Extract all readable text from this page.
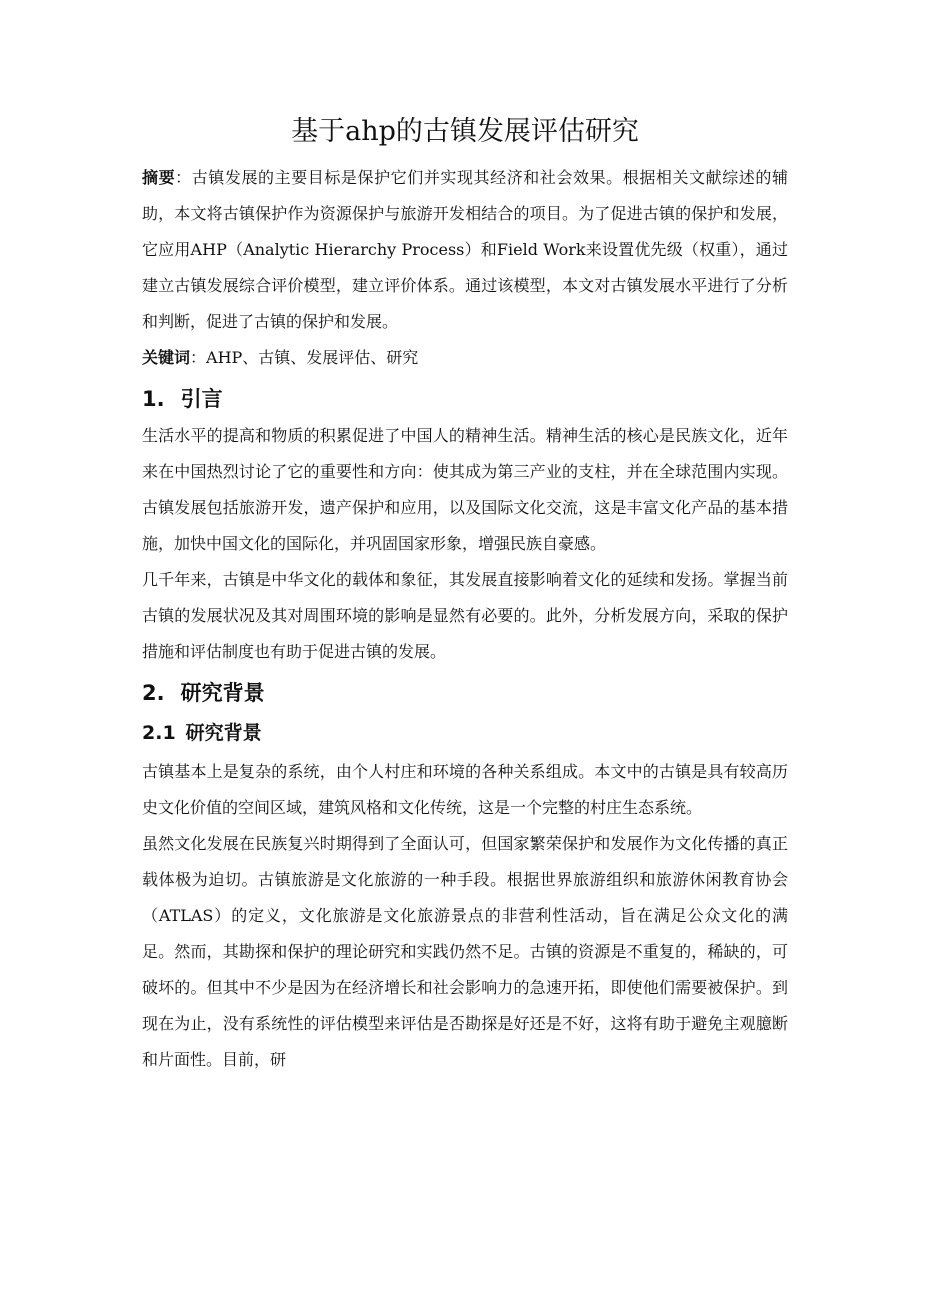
基于ahp的古镇发展评估研究

摘要：古镇发展的主要目标是保护它们并实现其经济和社会效果。根据相关文献综述的辅助，本文将古镇保护作为资源保护与旅游开发相结合的项目。为了促进古镇的保护和发展，它应用AHP（Analytic Hierarchy Process）和Field Work来设置优先级（权重），通过建立古镇发展综合评价模型，建立评价体系。通过该模型，本文对古镇发展水平进行了分析和判断，促进了古镇的保护和发展。

关键词：AHP、古镇、发展评估、研究

1. 引言

生活水平的提高和物质的积累促进了中国人的精神生活。精神生活的核心是民族文化，近年来在中国热烈讨论了它的重要性和方向：使其成为第三产业的支柱，并在全球范围内实现。古镇发展包括旅游开发，遗产保护和应用，以及国际文化交流，这是丰富文化产品的基本措施，加快中国文化的国际化，并巩固国家形象，增强民族自豪感。

几千年来，古镇是中华文化的载体和象征，其发展直接影响着文化的延续和发扬。掌握当前古镇的发展状况及其对周围环境的影响是显然有必要的。此外，分析发展方向，采取的保护措施和评估制度也有助于促进古镇的发展。

2. 研究背景
2.1 研究背景

古镇基本上是复杂的系统，由个人村庄和环境的各种关系组成。本文中的古镇是具有较高历史文化价值的空间区域，建筑风格和文化传统，这是一个完整的村庄生态系统。

虽然文化发展在民族复兴时期得到了全面认可，但国家繁荣保护和发展作为文化传播的真正载体极为迫切。古镇旅游是文化旅游的一种手段。根据世界旅游组织和旅游休闲教育协会（ATLAS）的定义，文化旅游是文化旅游景点的非营利性活动，旨在满足公众文化的满足。然而，其勘探和保护的理论研究和实践仍然不足。古镇的资源是不重复的，稀缺的，可破坏的。但其中不少是因为在经济增长和社会影响力的急速开拓，即使他们需要被保护。到现在为止，没有系统性的评估模型来评估是否勘探是好还是不好，这将有助于避免主观臆断和片面性。目前，研
